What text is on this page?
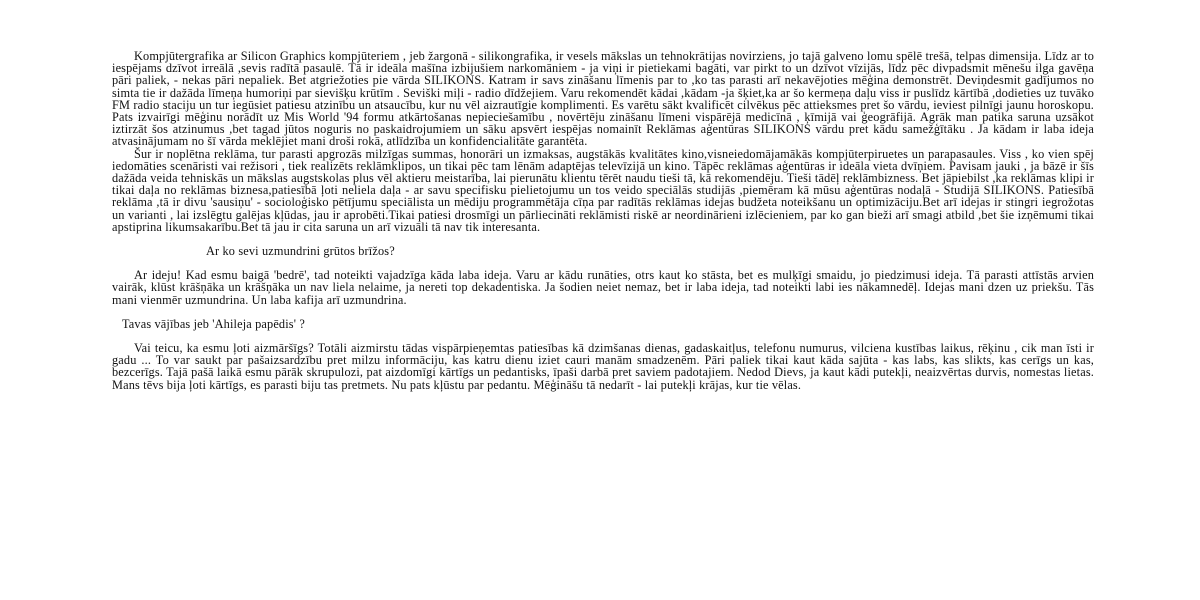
Kompjūtergrafika ar Silicon Graphics kompjūteriem , jeb žargonā - silikongrafika, ir vesels mākslas un tehnokrātijas novirziens, jo tajā galveno lomu spēlē trešā, telpas dimensija. Līdz ar to iespējams dzīvot irreālā ,sevis radītā pasaulē. Tā ir ideāla mašīna izbijušiem narkomāniem - ja viņi ir pietiekami bagāti, var pirkt to un dzīvot vīzijās, līdz pēc divpadsmit mēnešu ilga gavēņa pāri paliek, - nekas pāri nepaliek. Bet atgriežoties pie vārda SILIKONS. Katram ir savs zināšanu līmenis par to ,ko tas parasti arī nekavējoties mēģina demonstrēt. Deviņdesmit gadījumos no simta tie ir dažāda līmeņa humoriņi par sievišķu krūtīm . Seviški miļi - radio dīdžejiem. Varu rekomendēt kādai ,kādam -ja šķiet,ka ar šo kermeņa daļu viss ir puslīdz kārtībā ,dodieties uz tuvāko FM radio staciju un tur iegūsiet patiesu atzinību un atsaucību, kur nu vēl aizrautīgie komplimenti. Es varētu sākt kvalificēt cilvēkus pēc attieksmes pret šo vārdu, ieviest pilnīgi jaunu horoskopu. Pats izvairīgi mēģinu norādīt uz Mis World '94 formu atkārtošanas nepieciešamību , novērtēju zināšanu līmeni vispārējā medicīnā , ķīmijā vai ģeogrāfijā. Agrāk man patika saruna uzsākot iztirzāt šos atzinumus ,bet tagad jūtos noguris no paskaidrojumiem un sāku apsvērt iespējas nomainīt Reklāmas aģentūras SILIKONS vārdu pret kādu samežģītāku . Ja kādam ir laba ideja atvasinājumam no šī vārda meklējiet mani droši rokā, atlīdzība un konfidencialitāte garantēta.

Šur ir noplētna reklāma, tur parasti apgrozās milzīgas summas, honorāri un izmaksas, augstākās kvalitātes kino,visneiedomājamākās kompjūterpiruetes un parapasaules. Viss , ko vien spēj iedomāties scenāristi vai režisori , tiek realizēts reklāmklipos, un tikai pēc tam lēnām adaptējas televīzijā un kino. Tāpēc reklāmas aģentūras ir ideāla vieta dvīņiem. Pavisam jauki , ja bāzē ir šīs dažāda veida tehniskās un mākslas augstskolas plus vēl aktieru meistarība, lai pierunātu klientu tērēt naudu tieši tā, kā rekomendēju. Tieši tādēļ reklāmbizness. Bet jāpiebilst ,ka reklāmas klipi ir tikai daļa no reklāmas biznesa,patiesībā ļoti neliela daļa - ar savu specifisku pielietojumu un tos veido speciālās studijās ,piemēram kā mūsu aģentūras nodaļā - Studijā SILIKONS. Patiesībā reklāma ,tā ir divu 'sausiņu' - socioloģisko pētījumu speciālista un mēdiju programmētāja cīņa par radītās reklāmas idejas budžeta noteikšanu un optimizāciju.Bet arī idejas ir stingri iegrožotas un varianti , lai izslēgtu galējas kļūdas, jau ir aprobēti.Tikai patiesi drosmīgi un pārliecināti reklāmisti riskē ar neordinārieni izlēcieniem, par ko gan bieži arī smagi atbild ,bet šie izņēmumi tikai apstiprina likumsakarību.Bet tā jau ir cita saruna un arī vizuāli tā nav tik interesanta.

Ar ko sevi uzmundrini grūtos brīžos?

Ar ideju! Kad esmu baigā 'bedrē', tad noteikti vajadzīga kāda laba ideja. Varu ar kādu runāties, otrs kaut ko stāsta, bet es mulķīgi smaidu, jo piedzimusi ideja. Tā parasti attīstās arvien vairāk, klūst krāšņāka un krāšņāka un nav liela nelaime, ja nereti top dekadentiska. Ja šodien neiet nemaz, bet ir laba ideja, tad noteikti labi ies nākamnedēļ. Idejas mani dzen uz priekšu. Tās mani vienmēr uzmundrina. Un laba kafija arī uzmundrina.

Tavas vājības jeb 'Ahileja papēdis' ?

Vai teicu, ka esmu ļoti aizmāršīgs? Totāli aizmirstu tādas vispārpieņemtas patiesības kā dzimšanas dienas, gadaskaitļus, telefonu numurus, vilciena kustības laikus, rēķinu , cik man īsti ir gadu ... To var saukt par pašaizsardzību pret milzu informāciju, kas katru dienu iziet cauri manām smadzenēm. Pāri paliek tikai kaut kāda sajūta - kas labs, kas slikts, kas cerīgs un kas, bezcerīgs. Tajā pašā laikā esmu pārāk skrupulozi, pat aizdomīgi kārtīgs un pedantisks, īpaši darbā pret saviem padotajiem. Nedod Dievs, ja kaut kādi putekļi, neaizvērtas durvis, nomestas lietas. Mans tēvs bija ļoti kārtīgs, es parasti biju tas pretmets. Nu pats kļūstu par pedantu. Mēģināšu tā nedarīt - lai putekļi krājas, kur tie vēlas.
